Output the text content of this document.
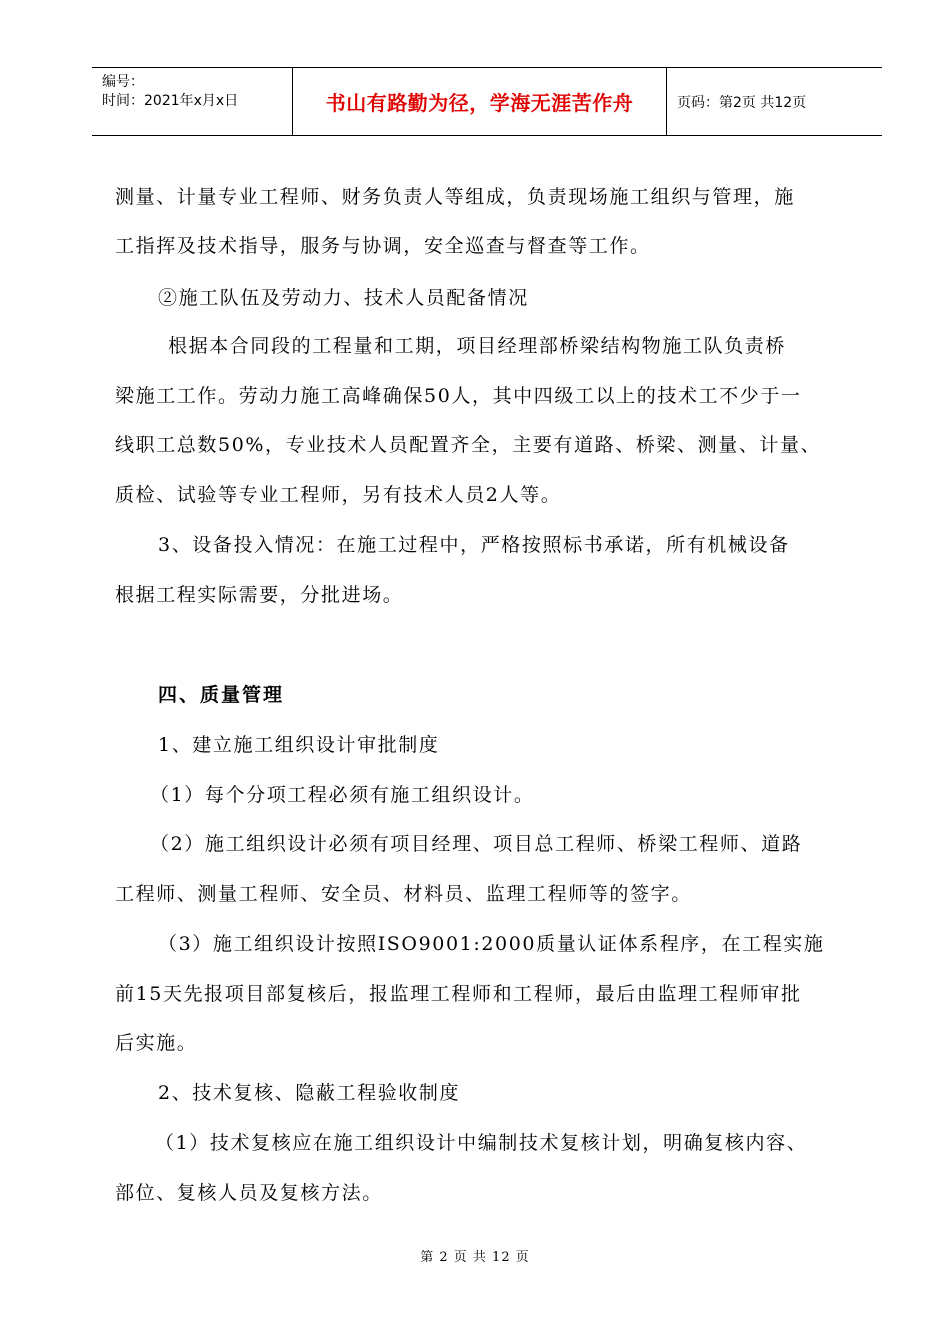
编号：
时间：2021年x月x日	书山有路勤为径，学海无涯苦作舟	页码：第2页 共12页
测量、计量专业工程师、财务负责人等组成，负责现场施工组织与管理，施
工指挥及技术指导，服务与协调，安全巡查与督查等工作。
②施工队伍及劳动力、技术人员配备情况
根据本合同段的工程量和工期，项目经理部桥梁结构物施工队负责桥
梁施工工作。劳动力施工高峰确保50人，其中四级工以上的技术工不少于一
线职工总数50%，专业技术人员配置齐全，主要有道路、桥梁、测量、计量、
质检、试验等专业工程师，另有技术人员2人等。
3、设备投入情况：在施工过程中，严格按照标书承诺，所有机械设备
根据工程实际需要，分批进场。
四、质量管理
1、建立施工组织设计审批制度
（1）每个分项工程必须有施工组织设计。
（2）施工组织设计必须有项目经理、项目总工程师、桥梁工程师、道路
工程师、测量工程师、安全员、材料员、监理工程师等的签字。
（3）施工组织设计按照ISO9001:2000质量认证体系程序，在工程实施
前15天先报项目部复核后，报监理工程师和工程师，最后由监理工程师审批
后实施。
2、技术复核、隐蔽工程验收制度
（1）技术复核应在施工组织设计中编制技术复核计划，明确复核内容、
部位、复核人员及复核方法。
第 2 页 共 12 页
